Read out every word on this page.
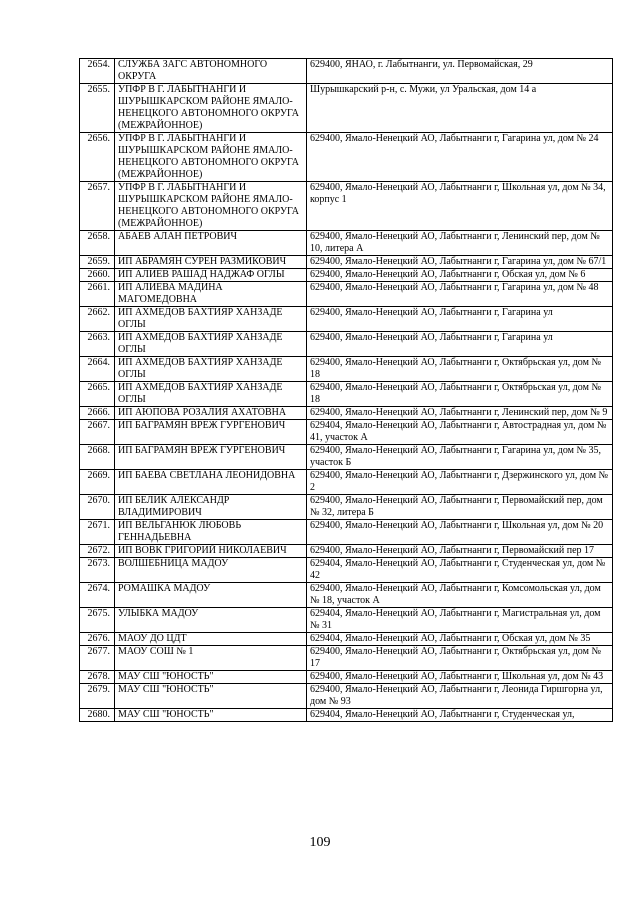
2654.	СЛУЖБА ЗАГС АВТОНОМНОГО ОКРУГА	629400, ЯНАО, г. Лабытнанги, ул. Первомайская, 29
2655.	УПФР В Г. ЛАБЫТНАНГИ И ШУРЫШКАРСКОМ РАЙОНЕ ЯМАЛО-НЕНЕЦКОГО АВТОНОМНОГО ОКРУГА (МЕЖРАЙОННОЕ)	Шурышкарский р-н, с. Мужи, ул Уральская, дом 14 а
2656.	УПФР В Г. ЛАБЫТНАНГИ И ШУРЫШКАРСКОМ РАЙОНЕ ЯМАЛО-НЕНЕЦКОГО АВТОНОМНОГО ОКРУГА (МЕЖРАЙОННОЕ)	629400, Ямало-Ненецкий АО, Лабытнанги г, Гагарина ул, дом № 24
2657.	УПФР В Г. ЛАБЫТНАНГИ И ШУРЫШКАРСКОМ РАЙОНЕ ЯМАЛО-НЕНЕЦКОГО АВТОНОМНОГО ОКРУГА (МЕЖРАЙОННОЕ)	629400, Ямало-Ненецкий АО, Лабытнанги г, Школьная ул, дом № 34, корпус 1
2658.	АБАЕВ АЛАН ПЕТРОВИЧ	629400, Ямало-Ненецкий АО, Лабытнанги г, Ленинский пер, дом № 10, литера А
2659.	ИП АБРАМЯН СУРЕН РАЗМИКОВИЧ	629400, Ямало-Ненецкий АО, Лабытнанги г, Гагарина ул, дом № 67/1
2660.	ИП АЛИЕВ РАШАД НАДЖАФ ОГЛЫ	629400, Ямало-Ненецкий АО, Лабытнанги г, Обская ул, дом № 6
2661.	ИП АЛИЕВА МАДИНА МАГОМЕДОВНА	629400, Ямало-Ненецкий АО, Лабытнанги г, Гагарина ул, дом № 48
2662.	ИП АХМЕДОВ БАХТИЯР ХАНЗАДЕ ОГЛЫ	629400, Ямало-Ненецкий АО, Лабытнанги г, Гагарина ул
2663.	ИП АХМЕДОВ БАХТИЯР ХАНЗАДЕ ОГЛЫ	629400, Ямало-Ненецкий АО, Лабытнанги г, Гагарина ул
2664.	ИП АХМЕДОВ БАХТИЯР ХАНЗАДЕ ОГЛЫ	629400, Ямало-Ненецкий АО, Лабытнанги г, Октябрьская ул, дом № 18
2665.	ИП АХМЕДОВ БАХТИЯР ХАНЗАДЕ ОГЛЫ	629400, Ямало-Ненецкий АО, Лабытнанги г, Октябрьская ул, дом № 18
2666.	ИП АЮПОВА РОЗАЛИЯ АХАТОВНА	629400, Ямало-Ненецкий АО, Лабытнанги г, Ленинский пер, дом № 9
2667.	ИП БАГРАМЯН ВРЕЖ ГУРГЕНОВИЧ	629404, Ямало-Ненецкий АО, Лабытнанги г, Автострадная ул, дом № 41, участок А
2668.	ИП БАГРАМЯН ВРЕЖ ГУРГЕНОВИЧ	629400, Ямало-Ненецкий АО, Лабытнанги г, Гагарина ул, дом № 35, участок Б
2669.	ИП БАЕВА СВЕТЛАНА ЛЕОНИДОВНА	629400, Ямало-Ненецкий АО, Лабытнанги г, Дзержинского ул, дом № 2
2670.	ИП БЕЛИК АЛЕКСАНДР ВЛАДИМИРОВИЧ	629400, Ямало-Ненецкий АО, Лабытнанги г, Первомайский пер, дом № 32, литера Б
2671.	ИП ВЕЛЬГАНЮК ЛЮБОВЬ ГЕННАДЬЕВНА	629400, Ямало-Ненецкий АО, Лабытнанги г, Школьная ул, дом № 20
2672.	ИП ВОВК ГРИГОРИЙ НИКОЛАЕВИЧ	629400, Ямало-Ненецкий АО, Лабытнанги г, Первомайский пер 17
2673.	ВОЛШЕБНИЦА МАДОУ	629404, Ямало-Ненецкий АО, Лабытнанги г, Студенческая ул, дом № 42
2674.	РОМАШКА МАДОУ	629400, Ямало-Ненецкий АО, Лабытнанги г, Комсомольская ул, дом № 18, участок А
2675.	УЛЫБКА МАДОУ	629404, Ямало-Ненецкий АО, Лабытнанги г, Магистральная ул, дом № 31
2676.	МАОУ ДО ЦДТ	629404, Ямало-Ненецкий АО, Лабытнанги г, Обская ул, дом № 35
2677.	МАОУ СОШ № 1	629400, Ямало-Ненецкий АО, Лабытнанги г, Октябрьская ул, дом № 17
2678.	МАУ СШ "ЮНОСТЬ"	629400, Ямало-Ненецкий АО, Лабытнанги г, Школьная ул, дом № 43
2679.	МАУ СШ "ЮНОСТЬ"	629400, Ямало-Ненецкий АО, Лабытнанги г, Леонида Гиршгорна ул, дом № 93
2680.	МАУ СШ "ЮНОСТЬ"	629404, Ямало-Ненецкий АО, Лабытнанги г, Студенческая ул,
109
